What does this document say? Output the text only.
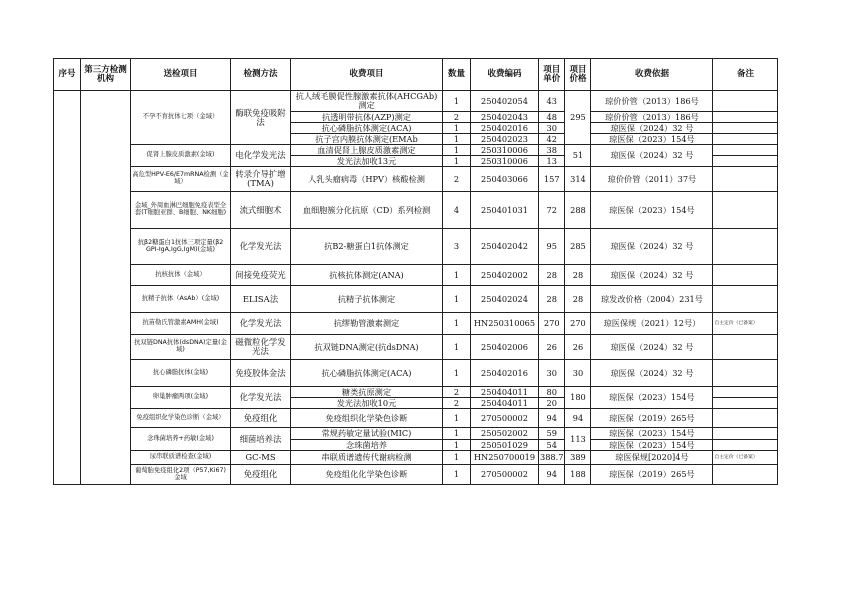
序号	第三方检测机构	送检项目	检测方法	收费项目	数量	收费编码	项目单价	项目价格	收费依据	备注
		不孕不育抗体七项（金域）	酶联免疫吸附法	抗人绒毛膜促性腺激素抗体(AHCGAb)测定	1	250402054	43	295	琼价价管（2013）186号	
				抗透明带抗体(AZP)测定	2	250402043	48		琼价价管（2013）186号	
				抗心磷脂抗体测定(ACA)	1	250402016	30		琼医保（2024）32 号	
				抗子宫内膜抗体测定(EMAb	1	250402023	42		琼医保（2023）154号	
		促肾上腺皮质激素(金域)	电化学发光法	血清促肾上腺皮质激素测定	1	250310006	38	51	琼医保（2024）32 号	
				发光法加收13元	1	250310006	13			
		高危型HPV-E6/E7mRNA检测（金域）	转录介导扩增(TMA)	人乳头瘤病毒（HPV）核酸检测	2	250403066	157	314	琼价价管（2011）37号	
		金域_外周血淋巴细胞免疫表型全套(T细胞亚群、B细胞、NK细胞)	流式细胞术	血细胞簇分化抗原（CD）系列检测	4	250401031	72	288	琼医保（2023）154号	
		抗β2糖蛋白1抗体三项定量(β2 GPI-IgA,IgG,IgM)(金域)	化学发光法	抗B2-糖蛋白1抗体测定	3	250402042	95	285	琼医保（2024）32 号	
		抗核抗体（金域）	间接免疫荧光	抗核抗体测定(ANA)	1	250402002	28	28	琼医保（2024）32 号	
		抗精子抗体（AsAb）(金域)	ELISA法	抗精子抗体测定	1	250402024	28	28	琼发改价格（2004）231号	
		抗苗勒氏管激素AMH(金域)	化学发光法	抗缪勒管激素测定	1	HN250310065	270	270	琼医保规（2021）12号）	自主定价（已备案）
		抗双链DNA抗体(dsDNA)定量(金域)	磁微粒化学发光法	抗双链DNA测定(抗dsDNA)	1	250402006	26	26	琼医保（2024）32 号	
		抗心磷脂抗体(金域)	免疫胶体金法	抗心磷脂抗体测定(ACA)	1	250402016	30	30	琼医保（2024）32 号	
		卵巢肿瘤两项(金域)	化学发光法	糖类抗原测定	2	250404011	80	180	琼医保（2023）154号	
				发光法加收10元	2	250404011	20			
		免疫组织化学染色诊断（金域）	免疫组化	免疫组织化学染色诊断	1	270500002	94	94	琼医保（2019）265号	
		念珠菌培养+药敏(金域)	细菌培养法	常规药敏定量试验(MIC)	1	250502002	59	113	琼医保（2023）154号	
				念珠菌培养	1	250501029	54		琼医保（2023）154号	
		尿串联质谱检查(金域)	GC-MS	串联质谱遗传代谢病检测	1	HN250700019	388.7	389	琼医保规[2020]4号	自主定价（已备案）
		葡萄胎免疫组化2项（P57,Ki67)金域	免疫组化	免疫组化化学染色诊断	1	270500002	94	188	琼医保（2019）265号	
